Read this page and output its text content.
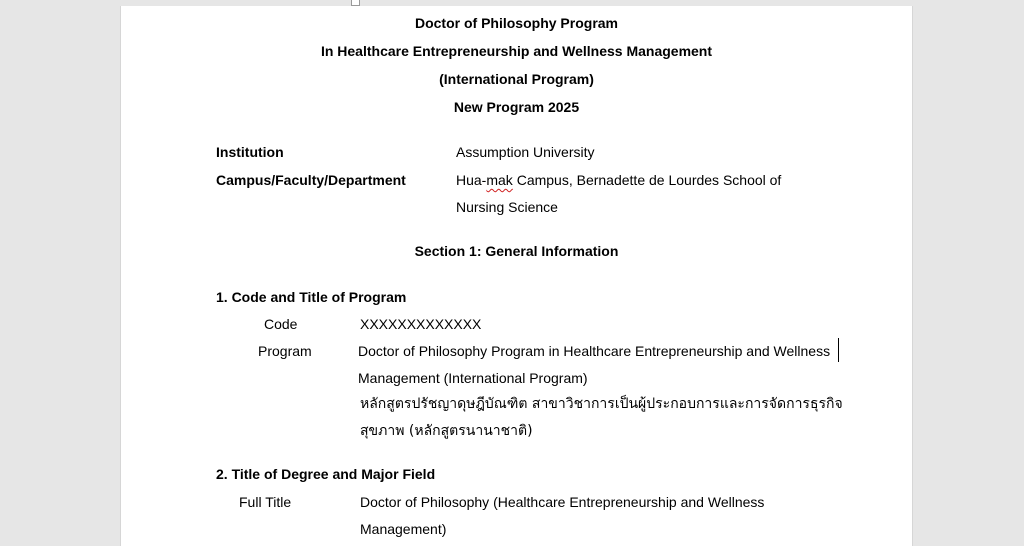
Doctor of Philosophy Program
In Healthcare Entrepreneurship and Wellness Management
(International Program)
New Program 2025
Institution	Assumption University
Campus/Faculty/Department	Hua-mak Campus, Bernadette de Lourdes School of
Nursing Science
Section 1: General Information
1. Code and Title of Program
Code	XXXXXXXXXXXXX
Program	Doctor of Philosophy Program in Healthcare Entrepreneurship and Wellness
Management (International Program)
หลักสูตรปรัชญาดุษฎีบัณฑิต สาขาวิชาการเป็นผู้ประกอบการและการจัดการธุรกิจ
สุขภาพ (หลักสูตรนานาชาติ)
2. Title of Degree and Major Field
Full Title	Doctor of Philosophy (Healthcare Entrepreneurship and Wellness
Management)
